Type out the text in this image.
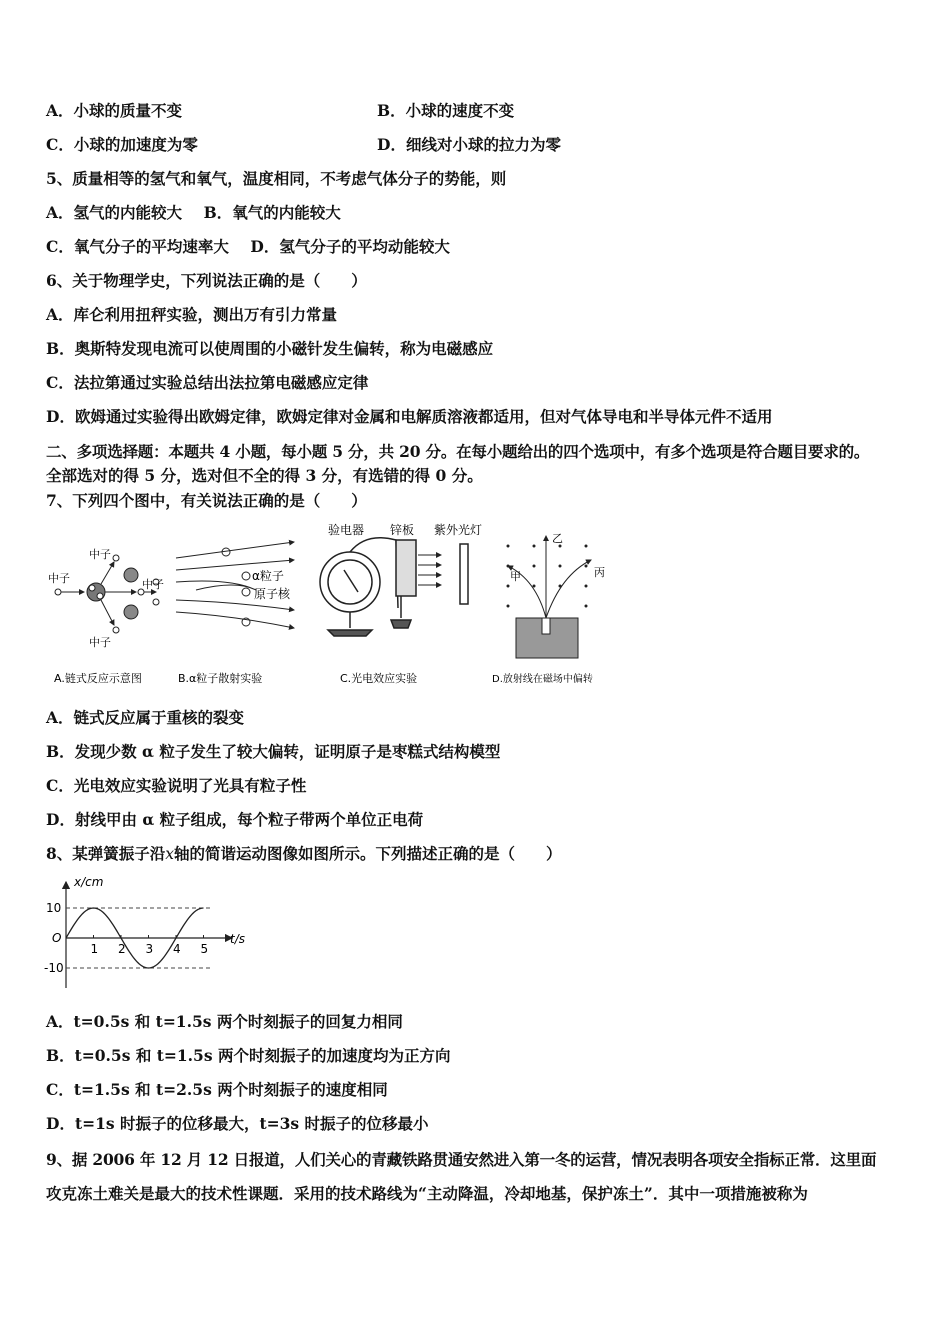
A．小球的质量不变	B．小球的速度不变
C．小球的加速度为零	D．细线对小球的拉力为零
5、质量相等的氢气和氧气，温度相同，不考虑气体分子的势能，则
A．氢气的内能较大    B．氧气的内能较大
C．氧气分子的平均速率大    D．氢气分子的平均动能较大
6、关于物理学史，下列说法正确的是（　　）
A．库仑利用扭秤实验，测出万有引力常量
B．奥斯特发现电流可以使周围的小磁针发生偏转，称为电磁感应
C．法拉第通过实验总结出法拉第电磁感应定律
D．欧姆通过实验得出欧姆定律，欧姆定律对金属和电解质溶液都适用，但对气体导电和半导体元件不适用
二、多项选择题：本题共 4 小题，每小题 5 分，共 20 分。在每小题给出的四个选项中，有多个选项是符合题目要求的。
全部选对的得 5 分，选对但不全的得 3 分，有选错的得 0 分。
7、下列四个图中，有关说法正确的是（　　）
中子
中子	中子
中子
α粒子
原子核
验电器 锌板 紫外光灯
甲
乙
丙
A.链式反应示意图	B.α粒子散射实验	C.光电效应实验	D.放射线在磁场中偏转
A．链式反应属于重核的裂变
B．发现少数 α 粒子发生了较大偏转，证明原子是枣糕式结构模型
C．光电效应实验说明了光具有粒子性
D．射线甲由 α 粒子组成，每个粒子带两个单位正电荷
8、某弹簧振子沿x轴的简谐运动图像如图所示。下列描述正确的是（　　）
x/cm
t/s
O
10
-10
1 2 3 4 5
A．t=0.5s 和 t=1.5s 两个时刻振子的回复力相同
B．t=0.5s 和 t=1.5s 两个时刻振子的加速度均为正方向
C．t=1.5s 和 t=2.5s 两个时刻振子的速度相同
D．t=1s 时振子的位移最大，t=3s 时振子的位移最小
9、据 2006 年 12 月 12 日报道，人们关心的青藏铁路贯通安然进入第一冬的运营，情况表明各项安全指标正常．这里面
攻克冻土难关是最大的技术性课题．采用的技术路线为“主动降温，冷却地基，保护冻土”．其中一项措施被称为
